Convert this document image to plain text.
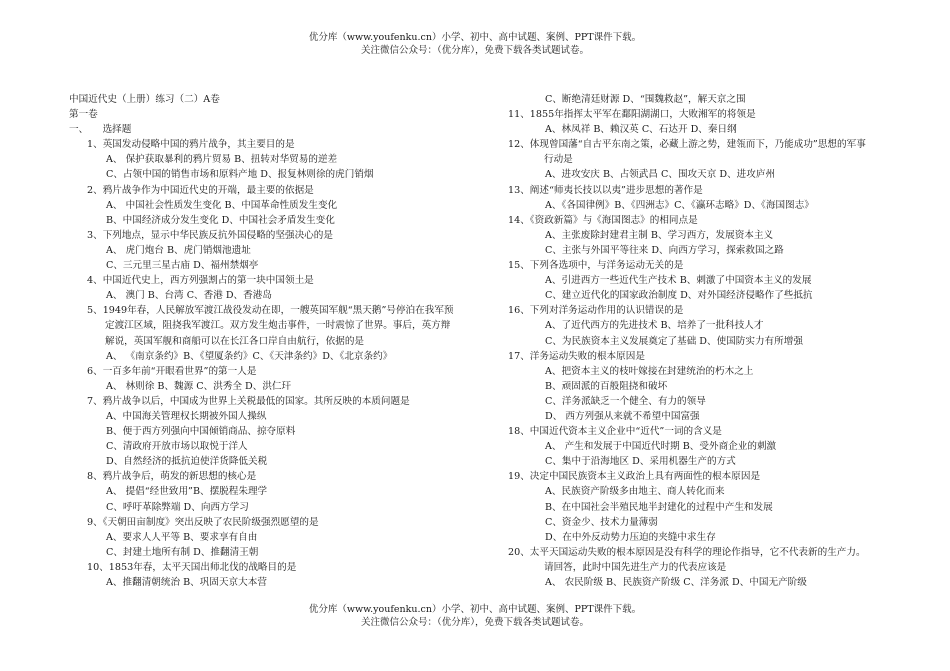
优分库（www.youfenku.cn）小学、初中、高中试题、案例、PPT课件下载。
关注微信公众号：（优分库），免费下载各类试题试卷。
中国近代史（上册）练习（二）A卷
第一卷
一、　　选择题
1、英国发动侵略中国的鸦片战争，其主要目的是
A、 保护获取暴利的鸦片贸易 B、扭转对华贸易的逆差
C、占领中国的销售市场和原料产地 D、报复林则徐的虎门销烟
2、鸦片战争作为中国近代史的开端，最主要的依据是
A、 中国社会性质发生变化 B、中国革命性质发生变化
B、中国经济成分发生变化 D、中国社会矛盾发生变化
3、下列地点，显示中华民族反抗外国侵略的坚强决心的是
A、 虎门炮台 B、虎门销烟池遗址
C、三元里三星古庙 D、福州禁烟亭
4、中国近代史上，西方列强割占的第一块中国领土是
A、 澳门 B、台湾 C、香港 D、香港岛
5、1949年春，人民解放军渡江战役发动在即，一艘英国军舰“黑天鹅”号停泊在我军预
定渡江区域，阻挠我军渡江。双方发生炮击事件，一时震惊了世界。事后，英方辩
解说，英国军舰和商船可以在长江各口岸自由航行，依据的是
A、 《南京条约》B、《望厦条约》C、《天津条约》D、《北京条约》
6、一百多年前“开眼看世界”的第一人是
A、 林则徐 B、魏源 C、洪秀全 D、洪仁玕
7、鸦片战争以后，中国成为世界上关税最低的国家。其所反映的本质问题是
A、中国海关管理权长期被外国人操纵
B、便于西方列强向中国倾销商品、掠夺原料
C、清政府开放市场以取悦于洋人
D、自然经济的抵抗迫使洋货降低关税
8、鸦片战争后，萌发的新思想的核心是
A、 提倡“经世致用”B、摆脱程朱理学
C、呼吁革除弊端 D、向西方学习
9、《天朝田亩制度》突出反映了农民阶级强烈愿望的是
A、要求人人平等 B、要求享有自由
C、封建土地所有制 D、推翻清王朝
10、1853年春，太平天国出师北伐的战略目的是
A、推翻清朝统治 B、巩固天京大本营
C、断绝清廷财源 D、“围魏救赵”，解天京之围
11、1855年指挥太平军在鄱阳湖湖口，大败湘军的将领是
A、林凤祥 B、赖汉英 C、石达开 D、秦日纲
12、体现曾国藩“自古平东南之策，必藏上游之势，建瓴而下，乃能成功”思想的军事
行动是
A、进攻安庆 B、占领武昌 C、围攻天京 D、进攻庐州
13、阐述“师夷长技以以夷”进步思想的著作是
A、《各国律例》B、《四洲志》C、《瀛环志略》D、《海国图志》
14、《资政新篇》与《海国图志》的相同点是
A、主张废除封建君主制 B、学习西方，发展资本主义
C、主张与外国平等往来 D、向西方学习，探索救国之路
15、下列各选项中，与洋务运动无关的是
A、引进西方一些近代生产技术 B、刺激了中国资本主义的发展
C、建立近代化的国家政治制度 D、对外国经济侵略作了些抵抗
16、下列对洋务运动作用的认识错误的是
A、了近代西方的先进技术 B、培养了一批科技人才
C、为民族资本主义发展奠定了基础 D、使国防实力有所增强
17、洋务运动失败的根本原因是
A、把资本主义的枝叶嫁接在封建统治的朽木之上
B、顽固派的百般阻挠和破坏
C、洋务派缺乏一个健全、有力的领导
D、 西方列强从来就不希望中国富强
18、中国近代资本主义企业中“近代”一词的含义是
A、 产生和发展于中国近代时期 B、受外商企业的刺激
C、集中于沿海地区 D、采用机器生产的方式
19、决定中国民族资本主义政治上具有两面性的根本原因是
A、民族资产阶级多由地主、商人转化而来
B、在中国社会半殖民地半封建化的过程中产生和发展
C、资金少、技术力量薄弱
D、在中外反动势力压迫的夹缝中求生存
20、太平天国运动失败的根本原因是没有科学的理论作指导，它不代表新的生产力。
请回答，此时中国先进生产力的代表应该是
A、 农民阶级 B、民族资产阶级 C、洋务派 D、中国无产阶级
优分库（www.youfenku.cn）小学、初中、高中试题、案例、PPT课件下载。
关注微信公众号：（优分库），免费下载各类试题试卷。
